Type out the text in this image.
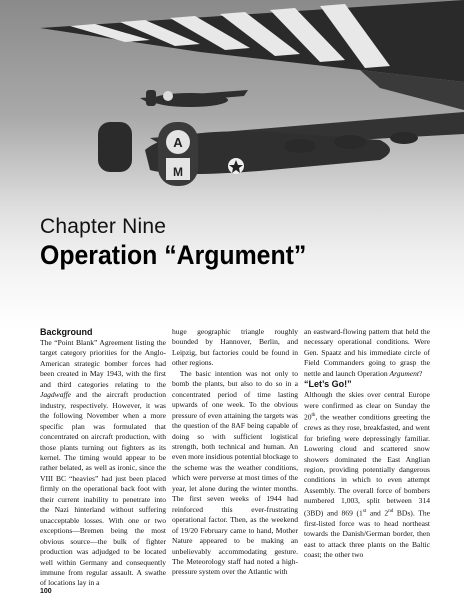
A
M
Chapter Nine
Operation “Argument”

Background

The “Point Blank” Agreement listing the target category priorities for the Anglo-American strategic bomber forces had been created in May 1943, with the first and third categories relating to the Jagdwaffe and the aircraft production industry, respectively. However, it was the following November when a more specific plan was formulated that concentrated on aircraft production, with those plants turning out fighters as its kernel. The timing would appear to be rather belated, as well as ironic, since the VIII BC “heavies” had just been placed firmly on the operational back foot with their current inability to penetrate into the Nazi hinterland without suffering unacceptable losses. With one or two exceptions—Bremen being the most obvious source—the bulk of fighter production was adjudged to be located well within Germany and consequently immune from regular assault. A swathe of locations lay in a

huge geographic triangle roughly bounded by Hannover, Berlin, and Leipzig, but factories could be found in other regions.

The basic intention was not only to bomb the plants, but also to do so in a concentrated period of time lasting upwards of one week. To the obvious pressure of even attaining the targets was the question of the 8AF being capable of doing so with sufficient logistical strength, both technical and human. An even more insidious potential blockage to the scheme was the weather conditions, which were perverse at most times of the year, let alone during the winter months. The first seven weeks of 1944 had reinforced this ever-frustrating operational factor. Then, as the weekend of 19/20 February came to hand, Mother Nature appeared to be making an unbelievably accommodating gesture. The Meteorology staff had noted a high-pressure system over the Atlantic with

an eastward-flowing pattern that held the necessary operational conditions. Were Gen. Spaatz and his immediate circle of Field Commanders going to grasp the nettle and launch Operation Argument?

“Let’s Go!”

Although the skies over central Europe were confirmed as clear on Sunday the 20th, the weather conditions greeting the crews as they rose, breakfasted, and went for briefing were depressingly familiar. Lowering cloud and scattered snow showers dominated the East Anglian region, providing potentially dangerous conditions in which to even attempt Assembly. The overall force of bombers numbered 1,003, split between 314 (3BD) and 869 (1st and 2nd BDs). The first-listed force was to head northeast towards the Danish/German border, then east to attack three plants on the Baltic coast; the other two

100
